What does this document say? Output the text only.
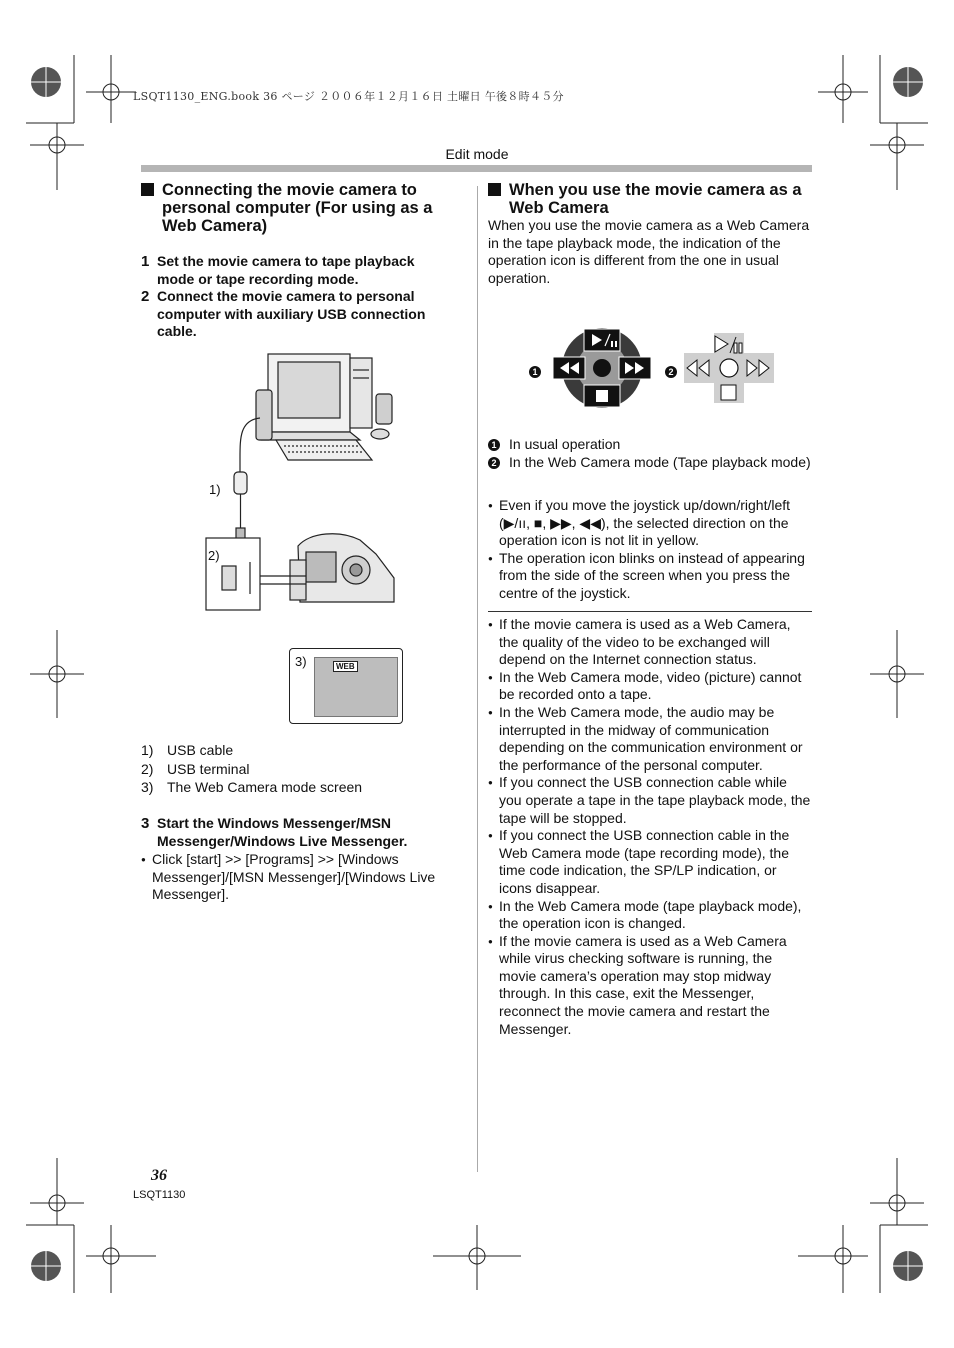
LSQT1130_ENG.book 36 ページ ２００６年１２月１６日 土曜日 午後８時４５分
Edit mode
Connecting the movie camera to
personal computer (For using as a
Web Camera)
1 Set the movie camera to tape playback mode or tape recording mode.
2 Connect the movie camera to personal computer with auxiliary USB connection cable.
1)
2)
3)	WEB
1) USB cable
2) USB terminal
3) The Web Camera mode screen
3 Start the Windows Messenger/MSN Messenger/Windows Live Messenger.
● Click [start] >> [Programs] >> [Windows Messenger]/[MSN Messenger]/[Windows Live Messenger].
When you use the movie camera as a
Web Camera
When you use the movie camera as a Web Camera in the tape playback mode, the indication of the operation icon is different from the one in usual operation.
1	2
1 In usual operation
2 In the Web Camera mode (Tape playback mode)
● Even if you move the joystick up/down/right/left (▶/ıı, ■, ▶▶, ◀◀), the selected direction on the operation icon is not lit in yellow.
● The operation icon blinks on instead of appearing from the side of the screen when you press the centre of the joystick.
● If the movie camera is used as a Web Camera, the quality of the video to be exchanged will depend on the Internet connection status.
● In the Web Camera mode, video (picture) cannot be recorded onto a tape.
● In the Web Camera mode, the audio may be interrupted in the midway of communication depending on the communication environment or the performance of the personal computer.
● If you connect the USB connection cable while you operate a tape in the tape playback mode, the tape will be stopped.
● If you connect the USB connection cable in the Web Camera mode (tape recording mode), the time code indication, the SP/LP indication, or icons disappear.
● In the Web Camera mode (tape playback mode), the operation icon is changed.
● If the movie camera is used as a Web Camera while virus checking software is running, the movie camera’s operation may stop midway through. In this case, exit the Messenger, reconnect the movie camera and restart the Messenger.
36
LSQT1130
